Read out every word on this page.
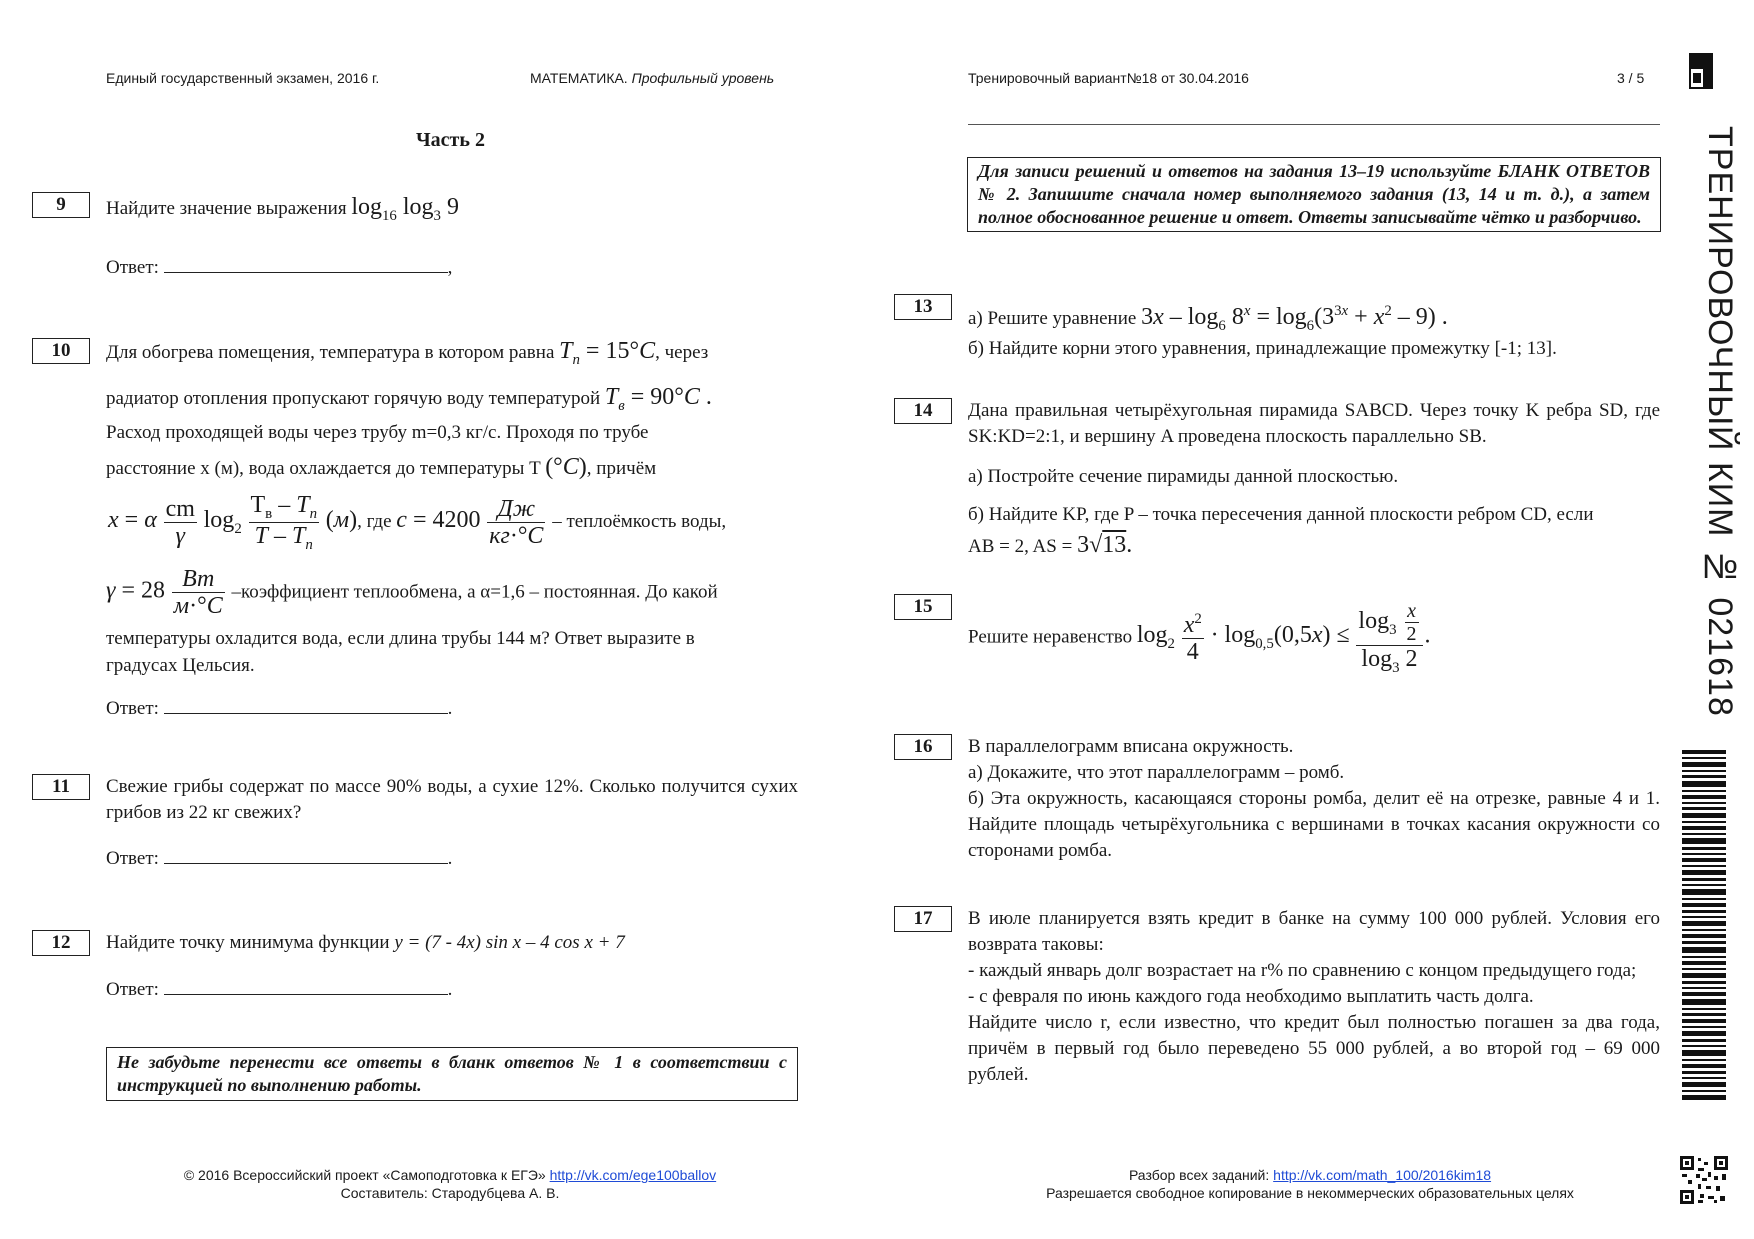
Единый государственный экзамен, 2016 г.	МАТЕМАТИКА. Профильный уровень	Тренировочный вариант№18 от 30.04.2016	3 / 5
Часть 2
9	Найдите значение выражения $\log_{16} \log_3 9$
Ответ:	,
10	Для обогрева помещения, температура в котором равна $T_п = 15^\circ C$, через
радиатор отопления пропускают горячую воду температурой $T_в = 90^\circ C$ .
Расход проходящей воды через трубу m=0,3 кг/с. Проходя по трубе
расстояние x (м), вода охлаждается до температуры T (°C), причём
x = α $\frac{cm}{\gamma} \log_2 \frac{T_в - T_п}{T - T_п} (м)$, где $c = 4200 \frac{Дж}{кг\cdot^\circ C}$ – теплоёмкость воды,
$\gamma = 28 \frac{Вт}{м\cdot^\circ C}$ –коэффициент теплообмена, а α=1,6 – постоянная. До какой
температуры охладится вода, если длина трубы 144 м? Ответ выразите в
градусах Цельсия.
Ответ:	.
11	Свежие грибы содержат по массе 90% воды, а сухие 12%. Сколько получится сухих грибов из 22 кг свежих?
Ответ:	.
12	Найдите точку минимума функции y = (7 - 4x) sin x – 4 cos x + 7
Ответ:	.
Не забудьте перенести все ответы в бланк ответов № 1 в соответствии с инструкцией по выполнению работы.
Для записи решений и ответов на задания 13–19 используйте БЛАНК ОТВЕТОВ № 2. Запишите сначала номер выполняемого задания (13, 14 и т. д.), а затем полное обоснованное решение и ответ. Ответы записывайте чётко и разборчиво.
13
а) Решите уравнение $3x - \log_6 8^x = \log_6(3^{3x} + x^2 - 9)$ .
б) Найдите корни этого уравнения, принадлежащие промежутку [-1; 13].
14	Дана правильная четырёхугольная пирамида SABCD. Через точку K ребра SD, где SK:KD=2:1, и вершину A проведена плоскость параллельно SB.
а) Постройте сечение пирамиды данной плоскостью.
б) Найдите KP, где P – точка пересечения данной плоскости ребром CD, если
AB = 2, AS = 3√13.
15
Решите неравенство $\log_2 \frac{x^2}{4} \cdot \log_{0,5}(0,5x) \le \frac{\log_3 \frac{x}{2}}{\log_3 2}$ .
16	В параллелограмм вписана окружность.
а) Докажите, что этот параллелограмм – ромб.
б) Эта окружность, касающаяся стороны ромба, делит её на отрезке, равные 4 и 1. Найдите площадь четырёхугольника с вершинами в точках касания окружности со сторонами ромба.
17	В июле планируется взять кредит в банке на сумму 100 000 рублей. Условия его возврата таковы:
- каждый январь долг возрастает на r% по сравнению с концом предыдущего года;
- с февраля по июнь каждого года необходимо выплатить часть долга.
Найдите число r, если известно, что кредит был полностью погашен за два года, причём в первый год было переведено 55 000 рублей, а во второй год – 69 000 рублей.
© 2016 Всероссийский проект «Самоподготовка к ЕГЭ» http://vk.com/ege100ballov
Составитель: Стародубцева А. В.
Разбор всех заданий: http://vk.com/math_100/2016kim18
Разрешается свободное копирование в некоммерческих образовательных целях
ТРЕНИРОВОЧНЫЙ КИМ № 021618
